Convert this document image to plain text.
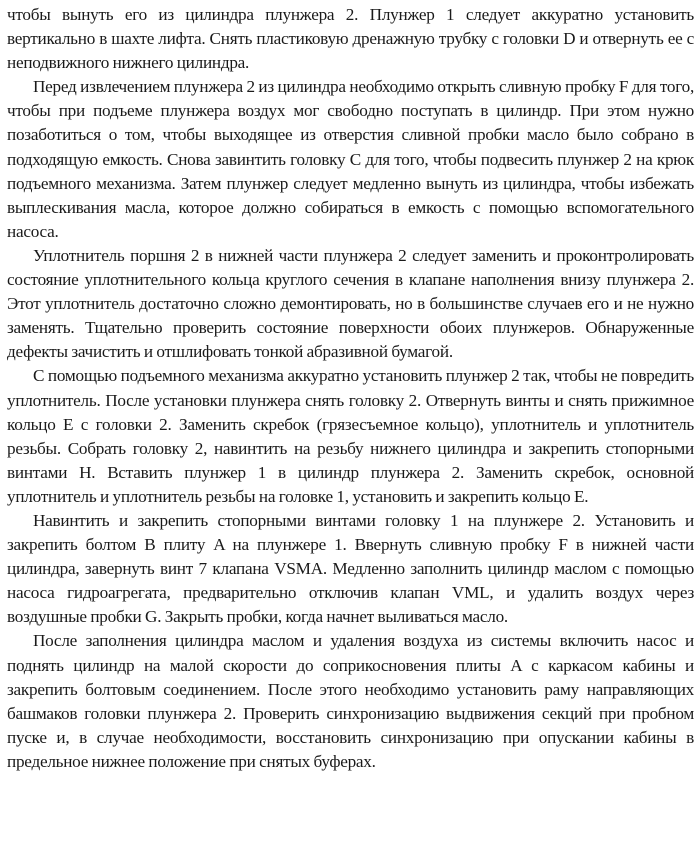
чтобы вынуть его из цилиндра плунжера 2. Плунжер 1 следует аккуратно установить вертикально в шахте лифта. Снять пластиковую дренажную трубку с головки D и отвернуть ее с неподвижного нижнего цилиндра.

Перед извлечением плунжера 2 из цилиндра необходимо открыть сливную пробку F для того, чтобы при подъеме плунжера воздух мог свободно поступать в цилиндр. При этом нужно позаботиться о том, чтобы выходящее из отверстия сливной пробки масло было собрано в подходящую емкость. Снова завинтить головку C для того, чтобы подвесить плунжер 2 на крюк подъемного механизма. Затем плунжер следует медленно вынуть из цилиндра, чтобы избежать выплескивания масла, которое должно собираться в емкость с помощью вспомогательного насоса.

Уплотнитель поршня 2 в нижней части плунжера 2 следует заменить и проконтролировать состояние уплотнительного кольца круглого сечения в клапане наполнения внизу плунжера 2. Этот уплотнитель достаточно сложно демонтировать, но в большинстве случаев его и не нужно заменять. Тщательно проверить состояние поверхности обоих плунжеров. Обнаруженные дефекты зачистить и отшлифовать тонкой абразивной бумагой.

С помощью подъемного механизма аккуратно установить плунжер 2 так, чтобы не повредить уплотнитель. После установки плунжера снять головку 2. Отвернуть винты и снять прижимное кольцо E с головки 2. Заменить скребок (грязесъемное кольцо), уплотнитель и уплотнитель резьбы. Собрать головку 2, навинтить на резьбу нижнего цилиндра и закрепить стопорными винтами H. Вставить плунжер 1 в цилиндр плунжера 2. Заменить скребок, основной уплотнитель и уплотнитель резьбы на головке 1, установить и закрепить кольцо E.

Навинтить и закрепить стопорными винтами головку 1 на плунжере 2. Установить и закрепить болтом B плиту A на плунжере 1. Ввернуть сливную пробку F в нижней части цилиндра, завернуть винт 7 клапана VSMA. Медленно заполнить цилиндр маслом с помощью насоса гидроагрегата, предварительно отключив клапан VML, и удалить воздух через воздушные пробки G. Закрыть пробки, когда начнет выливаться масло.

После заполнения цилиндра маслом и удаления воздуха из системы включить насос и поднять цилиндр на малой скорости до соприкосновения плиты A с каркасом кабины и закрепить болтовым соединением. После этого необходимо установить раму направляющих башмаков головки плунжера 2. Проверить синхронизацию выдвижения секций при пробном пуске и, в случае необходимости, восстановить синхронизацию при опускании кабины в предельное нижнее положение при снятых буферах.
